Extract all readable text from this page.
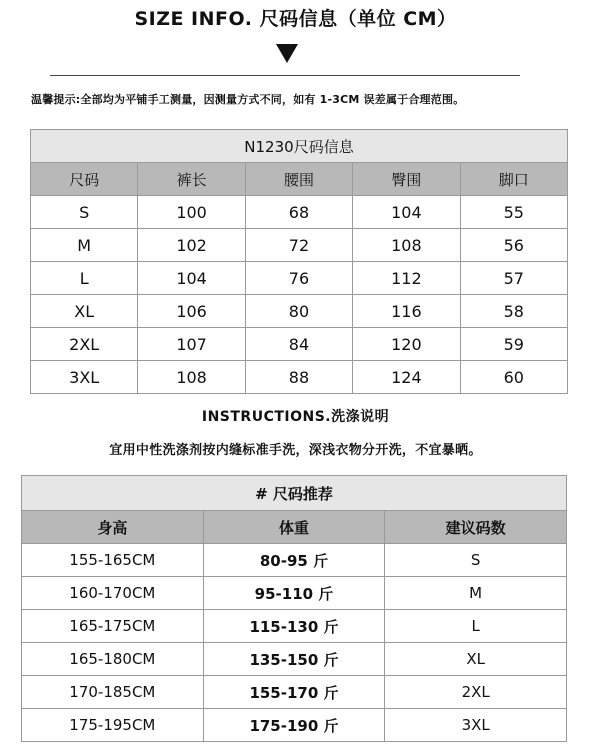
SIZE INFO. 尺码信息（单位 CM）
温馨提示:全部均为平铺手工测量，因测量方式不同，如有 1-3CM 误差属于合理范围。
N1230尺码信息				
尺码	裤长	腰围	臀围	脚口
S	100	68	104	55
M	102	72	108	56
L	104	76	112	57
XL	106	80	116	58
2XL	107	84	120	59
3XL	108	88	124	60
INSTRUCTIONS.洗涤说明
宜用中性洗涤剂按内缝标准手洗，深浅衣物分开洗，不宜暴晒。
# 尺码推荐		
身高	体重	建议码数
155-165CM	80-95 斤	S
160-170CM	95-110 斤	M
165-175CM	115-130 斤	L
165-180CM	135-150 斤	XL
170-185CM	155-170 斤	2XL
175-195CM	175-190 斤	3XL
